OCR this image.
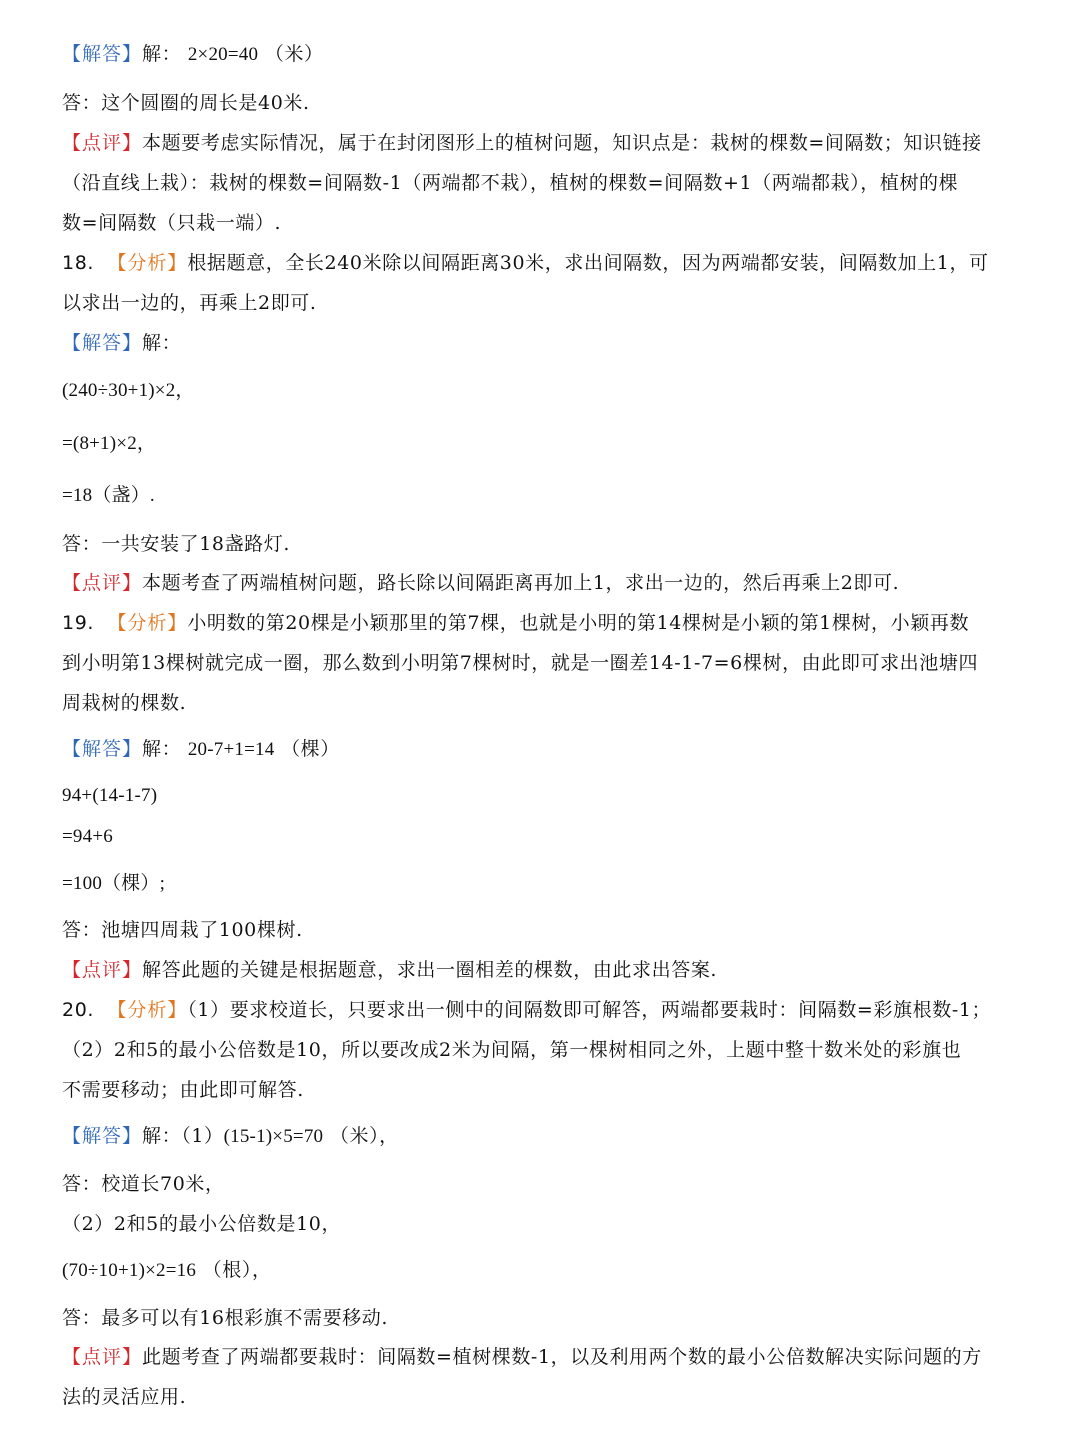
【解答】解： 2×20=40 （米）
答：这个圆圈的周长是40米.
【点评】本题要考虑实际情况，属于在封闭图形上的植树问题，知识点是：栽树的棵数=间隔数；知识链接
（沿直线上栽）：栽树的棵数=间隔数-1（两端都不栽），植树的棵数=间隔数+1（两端都栽），植树的棵
数=间隔数（只栽一端）.
18. 【分析】根据题意，全长240米除以间隔距离30米，求出间隔数，因为两端都安装，间隔数加上1，可
以求出一边的，再乘上2即可.
【解答】解：
(240÷30+1)×2，
=(8+1)×2，
=18（盏）.
答：一共安装了18盏路灯.
【点评】本题考查了两端植树问题，路长除以间隔距离再加上1，求出一边的，然后再乘上2即可.
19. 【分析】小明数的第20棵是小颖那里的第7棵，也就是小明的第14棵树是小颖的第1棵树，小颖再数
到小明第13棵树就完成一圈，那么数到小明第7棵树时，就是一圈差14-1-7=6棵树，由此即可求出池塘四
周栽树的棵数.
【解答】解： 20-7+1=14 （棵）
94+(14-1-7)
=94+6
=100（棵）;
答：池塘四周栽了100棵树.
【点评】解答此题的关键是根据题意，求出一圈相差的棵数，由此求出答案.
20. 【分析】（1）要求校道长，只要求出一侧中的间隔数即可解答，两端都要栽时：间隔数=彩旗根数-1；
（2）2和5的最小公倍数是10，所以要改成2米为间隔，第一棵树相同之外，上题中整十数米处的彩旗也
不需要移动；由此即可解答.
【解答】解：（1）(15-1)×5=70 （米），
答：校道长70米，
（2）2和5的最小公倍数是10，
(70÷10+1)×2=16 （根），
答：最多可以有16根彩旗不需要移动.
【点评】此题考查了两端都要栽时：间隔数=植树棵数-1，以及利用两个数的最小公倍数解决实际问题的方
法的灵活应用.
